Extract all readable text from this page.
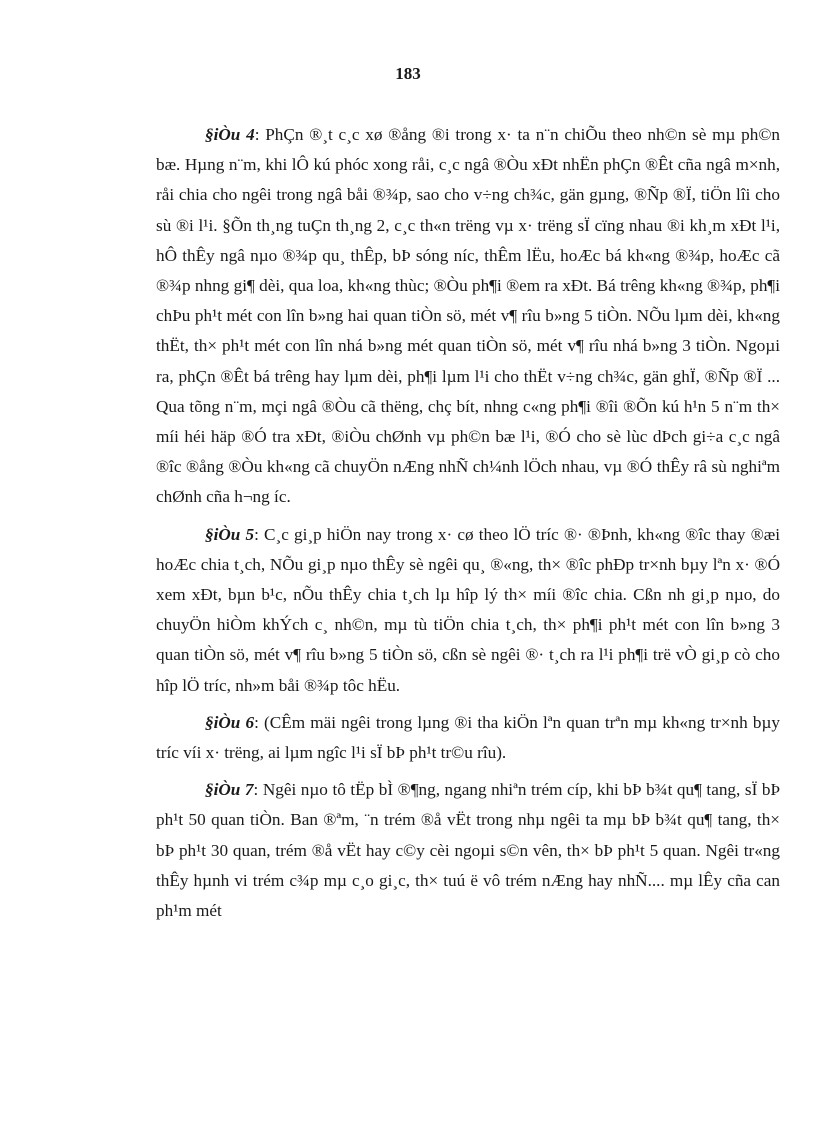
183

§iÒu 4: PhÇn ®¸t c¸c xø ®ång ®i trong x· ta n¨n chiÕu theo nh©n sè mµ ph©n bæ. Hµng n¨m, khi lÔ kú phóc xong råi, c¸c ngâ ®Òu xÐt nhËn phÇn ®Êt cña ngâ m×nh, råi chia cho ngêi trong ngâ båi ®¾p, sao cho v÷ng ch¾c, gän gµng, ®Ñp ®Ï, tiÖn lîi cho sù ®i l¹i. §Õn th¸ng tuÇn th¸ng 2, c¸c th«n trëng vµ x· trëng sÏ cïng nhau ®i kh¸m xÐt l¹i, hÔ thÊy ngâ nµo ®¾p qu¸ thÊp, bÞ sóng níc, thÊm lËu, hoÆc bá kh«ng ®¾p, hoÆc cã ®¾p nhng gi¶ dèi, qua loa, kh«ng thùc; ®Òu ph¶i ®em ra xÐt. Bá trêng kh«ng ®¾p, ph¶i chÞu ph¹t mét con lîn b»ng hai quan tiÒn sö, mét v¶ rîu b»ng 5 tiÒn. NÕu lµm dèi, kh«ng thËt, th× ph¹t mét con lîn nhá b»ng mét quan tiÒn sö, mét v¶ rîu nhá b»ng 3 tiÒn. Ngoµi ra, phÇn ®Êt bá trêng hay lµm dèi, ph¶i lµm l¹i cho thËt v÷ng ch¾c, gän ghÏ, ®Ñp ®Ï ... Qua tõng n¨m, mçi ngâ ®Òu cã thëng, chç bít, nhng c«ng ph¶i ®îi ®Õn kú h¹n 5 n¨m th× míi héi häp ®Ó tra xÐt, ®iÒu chØnh vµ ph©n bæ l¹i, ®Ó cho sè lùc dÞch gi÷a c¸c ngâ ®îc ®ång ®Òu kh«ng cã chuyÖn nÆng nhÑ ch¼nh lÖch nhau, vµ ®Ó thÊy râ sù nghiªm chØnh cña h¬ng íc.

§iÒu 5: C¸c gi¸p hiÖn nay trong x· cø theo lÖ tríc ®· ®Þnh, kh«ng ®îc thay ®æi hoÆc chia t¸ch, NÕu gi¸p nµo thÊy sè ngêi qu¸ ®«ng, th× ®îc phÐp tr×nh bµy lªn x· ®Ó xem xÐt, bµn b¹c, nÕu thÊy chia t¸ch lµ hîp lý th× míi ®îc chia. Cßn nh gi¸p nµo, do chuyÖn hiÒm khÝch c¸ nh©n, mµ tù tiÖn chia t¸ch, th× ph¶i ph¹t mét con lîn b»ng 3 quan tiÒn sö, mét v¶ rîu b»ng 5 tiÒn sö, cßn sè ngêi ®· t¸ch ra l¹i ph¶i trë vÒ gi¸p cò cho hîp lÖ tríc, nh»m båi ®¾p tôc hËu.

§iÒu 6: (CÊm mäi ngêi trong lµng ®i tha kiÖn lªn quan trªn mµ kh«ng tr×nh bµy tríc víi x· trëng, ai lµm ngîc l¹i sÏ bÞ ph¹t tr©u rîu).

§iÒu 7: Ngêi nµo tô tËp bÌ ®¶ng, ngang nhiªn trém cíp, khi bÞ b¾t qu¶ tang, sÏ bÞ ph¹t 50 quan tiÒn. Ban ®ªm, ¨n trém ®å vËt trong nhµ ngêi ta mµ bÞ b¾t qu¶ tang, th× bÞ ph¹t 30 quan, trém ®å vËt hay c©y cèi ngoµi s©n vên, th× bÞ ph¹t 5 quan. Ngêi tr«ng thÊy hµnh vi trém c¾p mµ c¸o gi¸c, th× tuú ë vô trém nÆng hay nhÑ.... mµ lÊy cña can ph¹m mét
